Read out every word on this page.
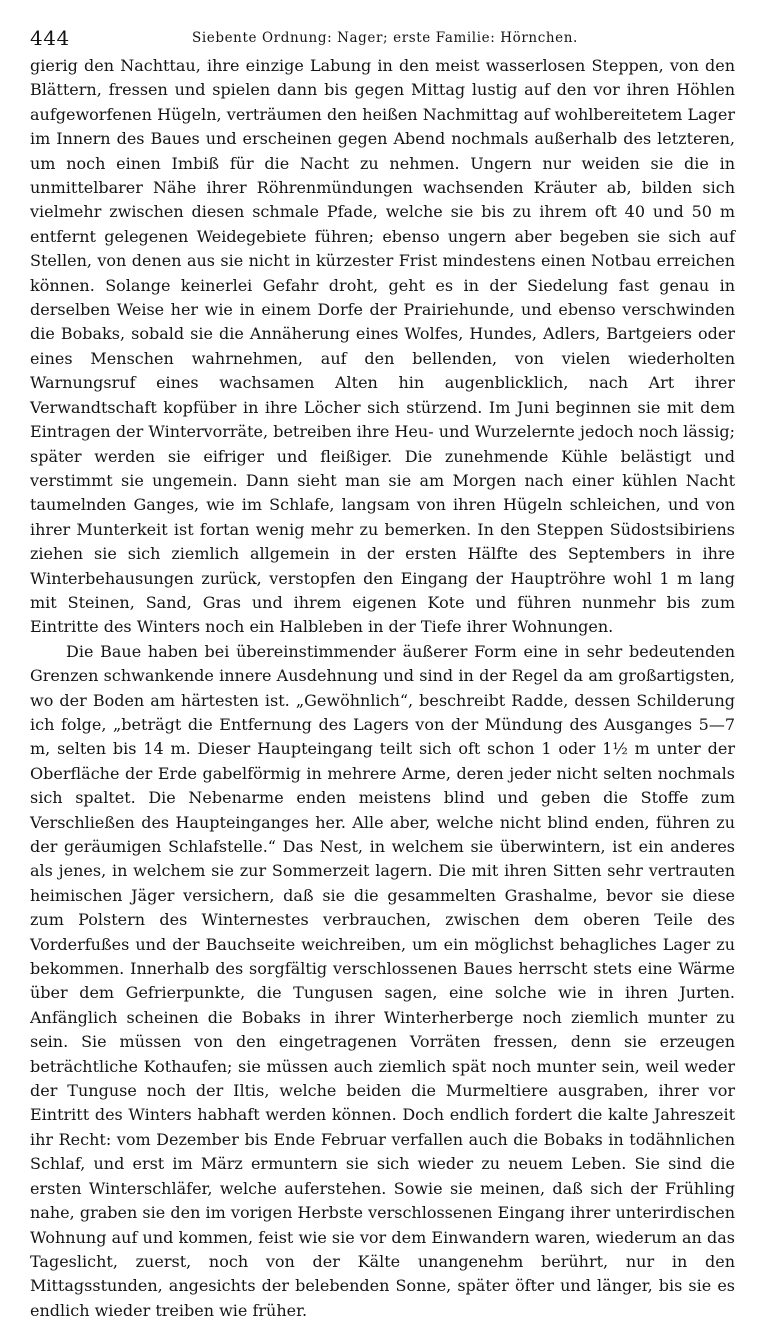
444	Siebente Ordnung: Nager; erste Familie: Hörnchen.

gierig den Nachttau, ihre einzige Labung in den meist wasserlosen Steppen, von den Blättern, fressen und spielen dann bis gegen Mittag lustig auf den vor ihren Höhlen aufgeworfenen Hügeln, verträumen den heißen Nachmittag auf wohlbereitetem Lager im Innern des Baues und erscheinen gegen Abend nochmals außerhalb des letzteren, um noch einen Imbiß für die Nacht zu nehmen. Ungern nur weiden sie die in unmittelbarer Nähe ihrer Röhrenmündungen wachsenden Kräuter ab, bilden sich vielmehr zwischen diesen schmale Pfade, welche sie bis zu ihrem oft 40 und 50 m entfernt gelegenen Weidegebiete führen; ebenso ungern aber begeben sie sich auf Stellen, von denen aus sie nicht in kürzester Frist mindestens einen Notbau erreichen können. Solange keinerlei Gefahr droht, geht es in der Siedelung fast genau in derselben Weise her wie in einem Dorfe der Prairiehunde, und ebenso verschwinden die Bobaks, sobald sie die Annäherung eines Wolfes, Hundes, Adlers, Bartgeiers oder eines Menschen wahrnehmen, auf den bellenden, von vielen wiederholten Warnungsruf eines wachsamen Alten hin augenblicklich, nach Art ihrer Verwandtschaft kopfüber in ihre Löcher sich stürzend. Im Juni beginnen sie mit dem Eintragen der Wintervorräte, betreiben ihre Heu- und Wurzelernte jedoch noch lässig; später werden sie eifriger und fleißiger. Die zunehmende Kühle belästigt und verstimmt sie ungemein. Dann sieht man sie am Morgen nach einer kühlen Nacht taumelnden Ganges, wie im Schlafe, langsam von ihren Hügeln schleichen, und von ihrer Munterkeit ist fortan wenig mehr zu bemerken. In den Steppen Südostsibiriens ziehen sie sich ziemlich allgemein in der ersten Hälfte des Septembers in ihre Winterbehausungen zurück, verstopfen den Eingang der Hauptröhre wohl 1 m lang mit Steinen, Sand, Gras und ihrem eigenen Kote und führen nunmehr bis zum Eintritte des Winters noch ein Halbleben in der Tiefe ihrer Wohnungen.

Die Baue haben bei übereinstimmender äußerer Form eine in sehr bedeutenden Grenzen schwankende innere Ausdehnung und sind in der Regel da am großartigsten, wo der Boden am härtesten ist. „Gewöhnlich“, beschreibt Radde, dessen Schilderung ich folge, „beträgt die Entfernung des Lagers von der Mündung des Ausganges 5—7 m, selten bis 14 m. Dieser Haupteingang teilt sich oft schon 1 oder 1½ m unter der Oberfläche der Erde gabelförmig in mehrere Arme, deren jeder nicht selten nochmals sich spaltet. Die Nebenarme enden meistens blind und geben die Stoffe zum Verschließen des Haupteinganges her. Alle aber, welche nicht blind enden, führen zu der geräumigen Schlafstelle.“ Das Nest, in welchem sie überwintern, ist ein anderes als jenes, in welchem sie zur Sommerzeit lagern. Die mit ihren Sitten sehr vertrauten heimischen Jäger versichern, daß sie die gesammelten Grashalme, bevor sie diese zum Polstern des Winternestes verbrauchen, zwischen dem oberen Teile des Vorderfußes und der Bauchseite weichreiben, um ein möglichst behagliches Lager zu bekommen. Innerhalb des sorgfältig verschlossenen Baues herrscht stets eine Wärme über dem Gefrierpunkte, die Tungusen sagen, eine solche wie in ihren Jurten. Anfänglich scheinen die Bobaks in ihrer Winterherberge noch ziemlich munter zu sein. Sie müssen von den eingetragenen Vorräten fressen, denn sie erzeugen beträchtliche Kothaufen; sie müssen auch ziemlich spät noch munter sein, weil weder der Tunguse noch der Iltis, welche beiden die Murmeltiere ausgraben, ihrer vor Eintritt des Winters habhaft werden können. Doch endlich fordert die kalte Jahreszeit ihr Recht: vom Dezember bis Ende Februar verfallen auch die Bobaks in todähnlichen Schlaf, und erst im März ermuntern sie sich wieder zu neuem Leben. Sie sind die ersten Winterschläfer, welche auferstehen. Sowie sie meinen, daß sich der Frühling nahe, graben sie den im vorigen Herbste verschlossenen Eingang ihrer unterirdischen Wohnung auf und kommen, feist wie sie vor dem Einwandern waren, wiederum an das Tageslicht, zuerst, noch von der Kälte unangenehm berührt, nur in den Mittagsstunden, angesichts der belebenden Sonne, später öfter und länger, bis sie es endlich wieder treiben wie früher.
